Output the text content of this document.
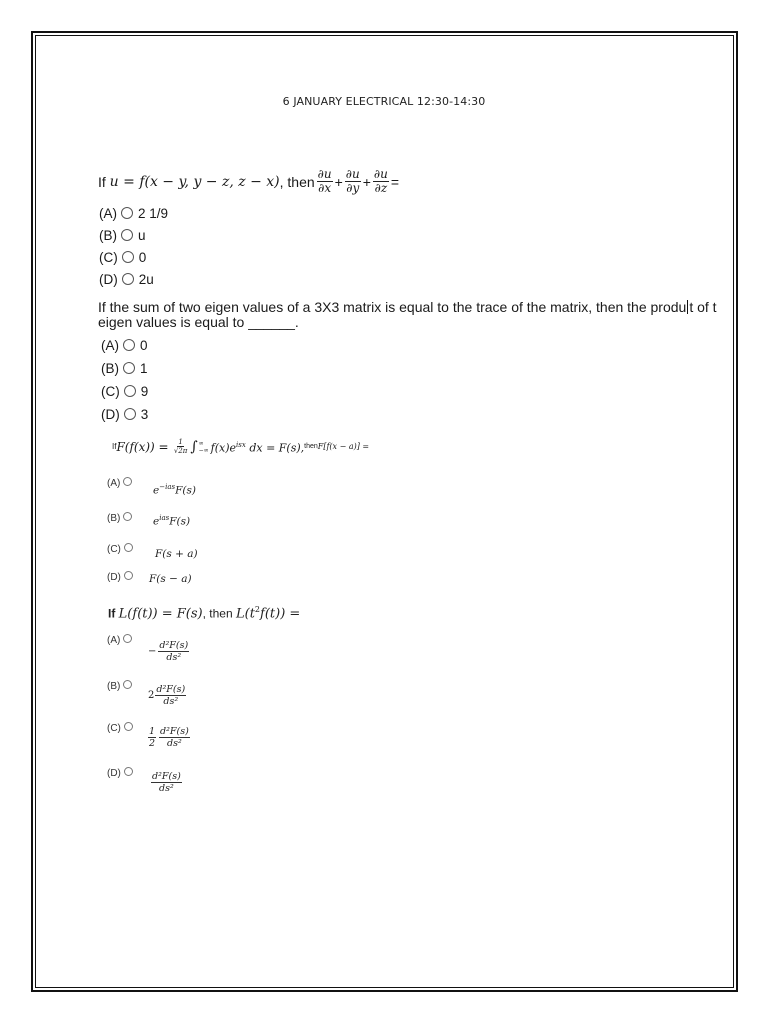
6 JANUARY ELECTRICAL 12:30-14:30
If
u = f(x − y, y − z, z − x) , then $\frac{\partial u}{\partial x} + \frac{\partial u}{\partial y} + \frac{\partial u}{\partial z}$ =
(A) 2 1/9
(B) u
(C) 0
(D) 2u
If the sum of two eigen values of a 3X3 matrix is equal to the trace of the matrix, then the produ t of t
eigen values is equal to ______.
(A) 0
(B) 1
(C) 9
(D) 3
If F(f(x)) =
$\frac{1}{√2\pi}$ ∫ ∞
−∞ $f(x)e^{isx}$ dx = F(s), then F[f(x − a)] =
(A)
$e^{-ias}F(s)$
(B)	$e^{ias}F(s)$
(C)	F(s + a)
(D)	F(s − a)
If L(f(t)) = F(s), then $L(t^2f(t))$ =
(A)
− $\frac{\text{d²F(s)}}{\text{ds²}}$
(B)
$2 \frac{\text{d²F(s)}}{\text{ds²}}$
(C)	$\frac{1}{2} \frac{\text{d²F(s)}}{\text{ds²}}$
(D)	$\frac{\text{d²F(s)}}{\text{ds²}}$
